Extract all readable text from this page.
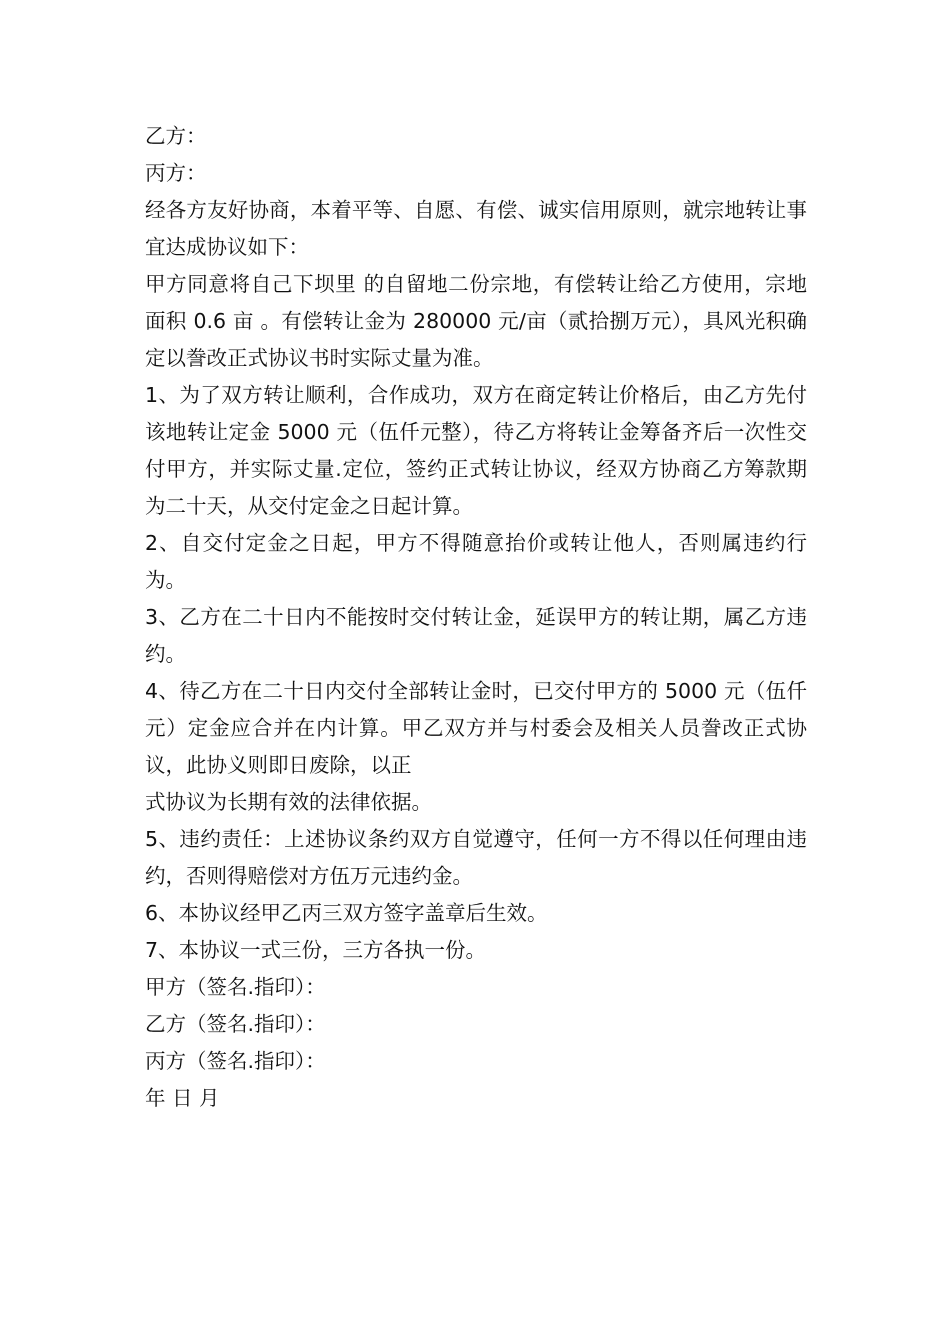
乙方：

丙方：

经各方友好协商，本着平等、自愿、有偿、诚实信用原则，就宗地转让事宜达成协议如下：

甲方同意将自己下坝里 的自留地二份宗地，有偿转让给乙方使用，宗地面积 0.6 亩 。有偿转让金为 280000 元/亩（贰拾捌万元），具风光积确定以誊改正式协议书时实际丈量为准。

1、为了双方转让顺利，合作成功，双方在商定转让价格后，由乙方先付该地转让定金 5000 元（伍仟元整），待乙方将转让金筹备齐后一次性交付甲方，并实际丈量.定位，签约正式转让协议，经双方协商乙方筹款期为二十天，从交付定金之日起计算。

2、自交付定金之日起，甲方不得随意抬价或转让他人，否则属违约行为。

3、乙方在二十日内不能按时交付转让金，延误甲方的转让期，属乙方违约。

4、待乙方在二十日内交付全部转让金时，已交付甲方的 5000 元（伍仟元）定金应合并在内计算。甲乙双方并与村委会及相关人员誊改正式协议，此协义则即日废除，以正

式协议为长期有效的法律依据。

5、违约责任：上述协议条约双方自觉遵守，任何一方不得以任何理由违约，否则得赔偿对方伍万元违约金。

6、本协议经甲乙丙三双方签字盖章后生效。

7、本协议一式三份，三方各执一份。

甲方（签名.指印）：

乙方（签名.指印）：

丙方（签名.指印）：

年 日 月
